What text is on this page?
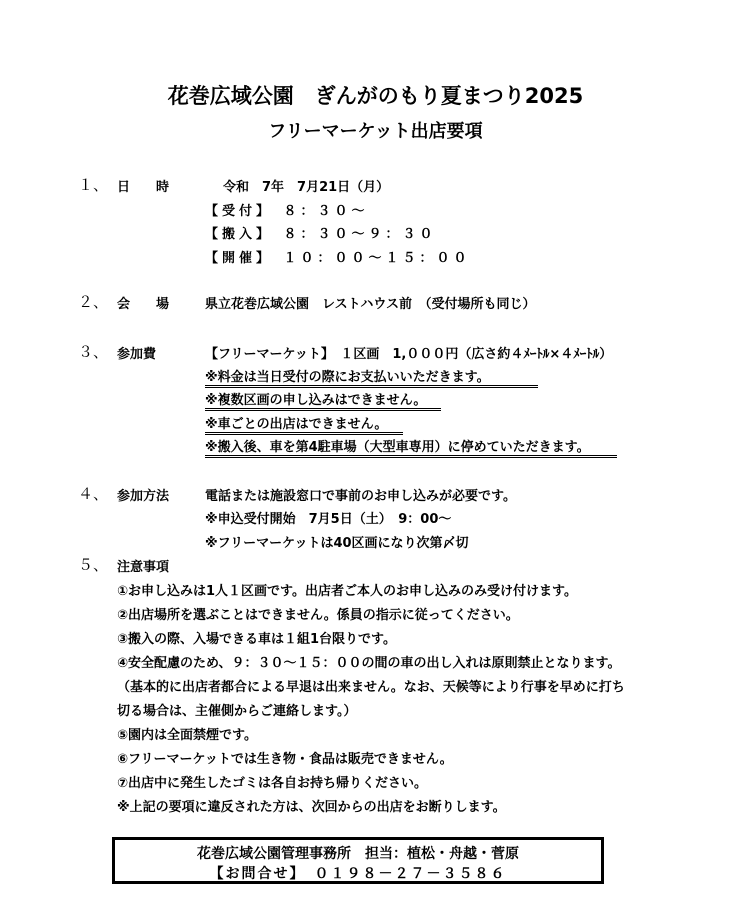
花巻広域公園　ぎんがのもり夏まつり2025
フリーマーケット出店要項
１、 日　　時	令和　7年　7月21日（月）
【受付】　８：３０～
【搬入】　８：３０～９：３０
【開催】　１０：００～１５：００
２、 会　　場	県立花巻広域公園　レストハウス前　（受付場所も同じ）
３、 参加費	【フリーマーケット】　１区画　1,０００円（広さ約４ﾒｰﾄﾙ×４ﾒｰﾄﾙ）
※料金は当日受付の際にお支払いいただきます。
※複数区画の申し込みはできません。
※車ごとの出店はできません。
※搬入後、車を第4駐車場（大型車専用）に停めていただきます。
４、 参加方法	電話または施設窓口で事前のお申し込みが必要です。
※申込受付開始　7月5日（土）　9：00～
※フリーマーケットは40区画になり次第〆切
５、 注意事項
①お申し込みは1人１区画です。出店者ご本人のお申し込みのみ受け付けます。
②出店場所を選ぶことはできません。係員の指示に従ってください。
③搬入の際、入場できる車は１組1台限りです。
④安全配慮のため、９：３０～１５：００の間の車の出し入れは原則禁止となります。
（基本的に出店者都合による早退は出来ません。なお、天候等により行事を早めに打ち
切る場合は、主催側からご連絡します。）
⑤園内は全面禁煙です。
⑥フリーマーケットでは生き物・食品は販売できません。
⑦出店中に発生したゴミは各自お持ち帰りください。
※上記の要項に違反された方は、次回からの出店をお断りします。
花巻広域公園管理事務所　担当：植松・舟越・菅原
【お問合せ】　０１９８－２７－３５８６
